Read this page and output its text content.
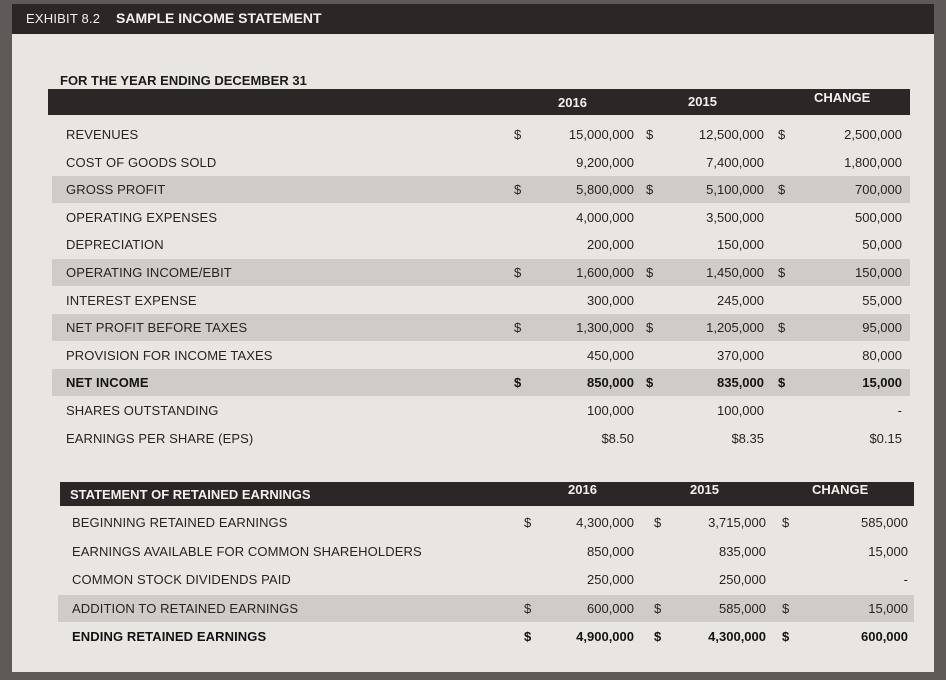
EXHIBIT 8.2 SAMPLE INCOME STATEMENT
FOR THE YEAR ENDING DECEMBER 31
2016	2015	CHANGE
REVENUES	$	15,000,000 $	12,500,000 $	2,500,000
COST OF GOODS SOLD	9,200,000	7,400,000	1,800,000
GROSS PROFIT	$	5,800,000 $	5,100,000 $	700,000
OPERATING EXPENSES	4,000,000	3,500,000	500,000
DEPRECIATION	200,000	150,000	50,000
OPERATING INCOME/EBIT	$	1,600,000 $	1,450,000 $	150,000
INTEREST EXPENSE	300,000	245,000	55,000
NET PROFIT BEFORE TAXES	$	1,300,000 $	1,205,000 $	95,000
PROVISION FOR INCOME TAXES	450,000	370,000	80,000
NET INCOME	$	850,000 $	835,000 $	15,000
SHARES OUTSTANDING	100,000	100,000	-
EARNINGS PER SHARE (EPS)	$8.50	$8.35	$0.15
STATEMENT OF RETAINED EARNINGS	2016	2015	CHANGE
BEGINNING RETAINED EARNINGS	$	4,300,000 $	3,715,000 $	585,000
EARNINGS AVAILABLE FOR COMMON SHAREHOLDERS	850,000	835,000	15,000
COMMON STOCK DIVIDENDS PAID	250,000	250,000	-
ADDITION TO RETAINED EARNINGS	$	600,000 $	585,000 $	15,000
ENDING RETAINED EARNINGS	$	4,900,000 $	4,300,000 $	600,000
